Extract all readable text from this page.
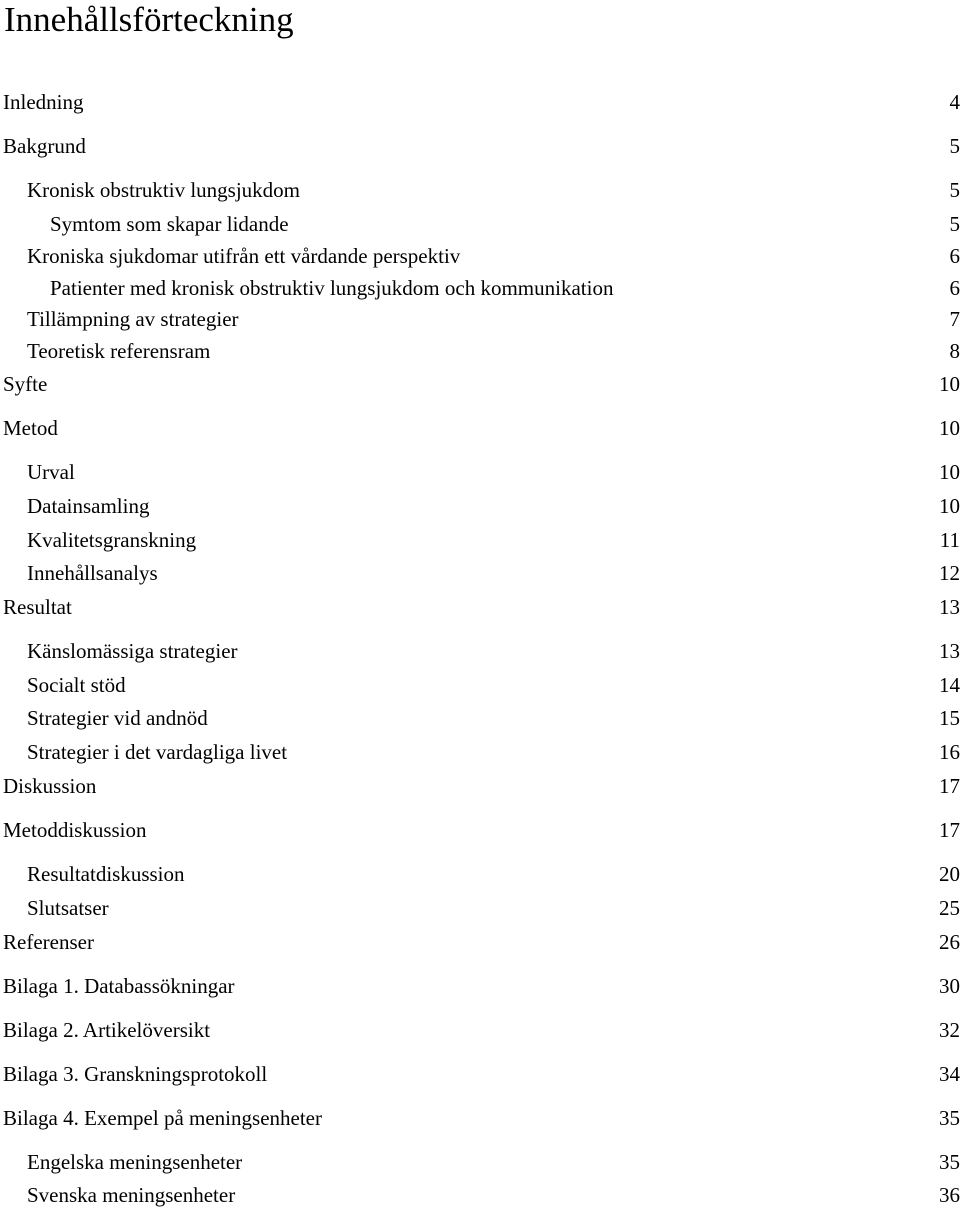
Innehållsförteckning
Inledning	4
Bakgrund	5
Kronisk obstruktiv lungsjukdom	5
Symtom som skapar lidande	5
Kroniska sjukdomar utifrån ett vårdande perspektiv	6
Patienter med kronisk obstruktiv lungsjukdom och kommunikation	6
Tillämpning av strategier	7
Teoretisk referensram	8
Syfte	10
Metod	10
Urval	10
Datainsamling	10
Kvalitetsgranskning	11
Innehållsanalys	12
Resultat	13
Känslomässiga strategier	13
Socialt stöd	14
Strategier vid andnöd	15
Strategier i det vardagliga livet	16
Diskussion	17
Metoddiskussion	17
Resultatdiskussion	20
Slutsatser	25
Referenser	26
Bilaga 1. Databassökningar	30
Bilaga 2. Artikelöversikt	32
Bilaga 3. Granskningsprotokoll	34
Bilaga 4. Exempel på meningsenheter	35
Engelska meningsenheter	35
Svenska meningsenheter	36
